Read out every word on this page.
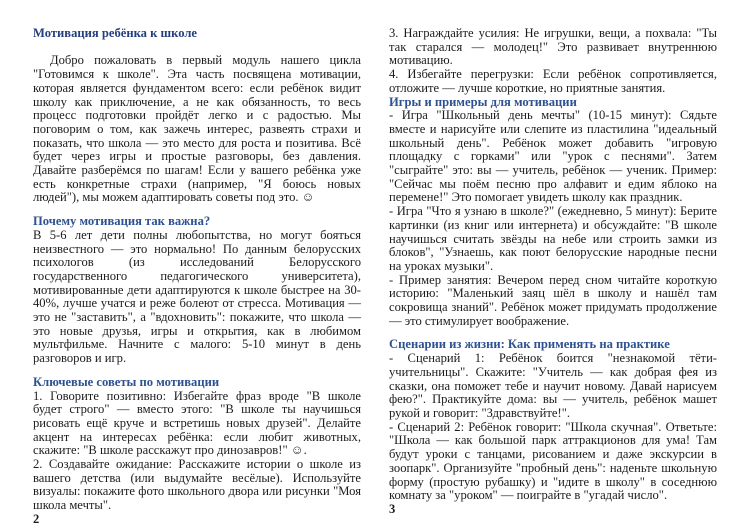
Мотивация ребёнка к школе
Добро пожаловать в первый модуль нашего цикла "Готовимся к школе". Эта часть посвящена мотивации, которая является фундаментом всего: если ребёнок видит школу как приключение, а не как обязанность, то весь процесс подготовки пройдёт легко и с радостью. Мы поговорим о том, как зажечь интерес, развеять страхи и показать, что школа — это место для роста и позитива. Всё будет через игры и простые разговоры, без давления. Давайте разберёмся по шагам! Если у вашего ребёнка уже есть конкретные страхи (например, "Я боюсь новых людей"), мы можем адаптировать советы под это. ☺
Почему мотивация так важна?
В 5-6 лет дети полны любопытства, но могут бояться неизвестного — это нормально! По данным белорусских психологов (из исследований Белорусского государственного педагогического университета), мотивированные дети адаптируются к школе быстрее на 30-40%, лучше учатся и реже болеют от стресса. Мотивация — это не "заставить", а "вдохновить": покажите, что школа — это новые друзья, игры и открытия, как в любимом мультфильме. Начните с малого: 5-10 минут в день разговоров и игр.
Ключевые советы по мотивации
1. Говорите позитивно: Избегайте фраз вроде "В школе будет строго" — вместо этого: "В школе ты научишься рисовать ещё круче и встретишь новых друзей". Делайте акцент на интересах ребёнка: если любит животных, скажите: "В школе расскажут про динозавров!" ☺.
2. Создавайте ожидание: Расскажите истории о школе из вашего детства (или выдумайте весёлые). Используйте визуалы: покажите фото школьного двора или рисунки "Моя школа мечты".
2
3. Награждайте усилия: Не игрушки, вещи, а похвала: "Ты так старался — молодец!" Это развивает внутреннюю мотивацию.
4. Избегайте перегрузки: Если ребёнок сопротивляется, отложите — лучше короткие, но приятные занятия.
Игры и примеры для мотивации
- Игра "Школьный день мечты" (10-15 минут): Сядьте вместе и нарисуйте или слепите из пластилина "идеальный школьный день". Ребёнок может добавить "игровую площадку с горками" или "урок с песнями". Затем "сыграйте" это: вы — учитель, ребёнок — ученик. Пример: "Сейчас мы поём песню про алфавит и едим яблоко на перемене!" Это помогает увидеть школу как праздник.
- Игра "Что я узнаю в школе?" (ежедневно, 5 минут): Берите картинки (из книг или интернета) и обсуждайте: "В школе научишься считать звёзды на небе или строить замки из блоков", "Узнаешь, как поют белорусские народные песни на уроках музыки".
- Пример занятия: Вечером перед сном читайте короткую историю: "Маленький заяц шёл в школу и нашёл там сокровища знаний". Ребёнок может придумать продолжение — это стимулирует воображение.
Сценарии из жизни: Как применять на практике
- Сценарий 1: Ребёнок боится "незнакомой тёти-учительницы". Скажите: "Учитель — как добрая фея из сказки, она поможет тебе и научит новому. Давай нарисуем фею?". Практикуйте дома: вы — учитель, ребёнок машет рукой и говорит: "Здравствуйте!".
- Сценарий 2: Ребёнок говорит: "Школа скучная". Ответьте: "Школа — как большой парк аттракционов для ума! Там будут уроки с танцами, рисованием и даже экскурсии в зоопарк". Организуйте "пробный день": наденьте школьную форму (простую рубашку) и "идите в школу" в соседнюю комнату за "уроком" — поиграйте в "угадай число".
3
